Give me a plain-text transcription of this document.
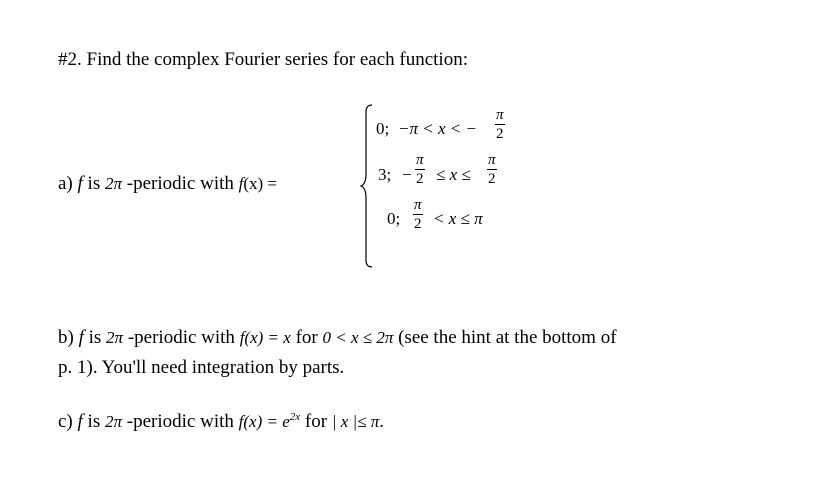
#2. Find the complex Fourier series for each function:
a) f is 2π -periodic with f(x) =
0; −π < x < −
π
2
3; −
π
2 ≤ x ≤
π
2
0;
π
2 < x ≤ π
b) f is 2π -periodic with f(x) = x for 0 < x ≤ 2π (see the hint at the bottom of
p. 1). You'll need integration by parts.
c) f is 2π -periodic with $f(x) = e^{2x}$ for | x |≤ π.
